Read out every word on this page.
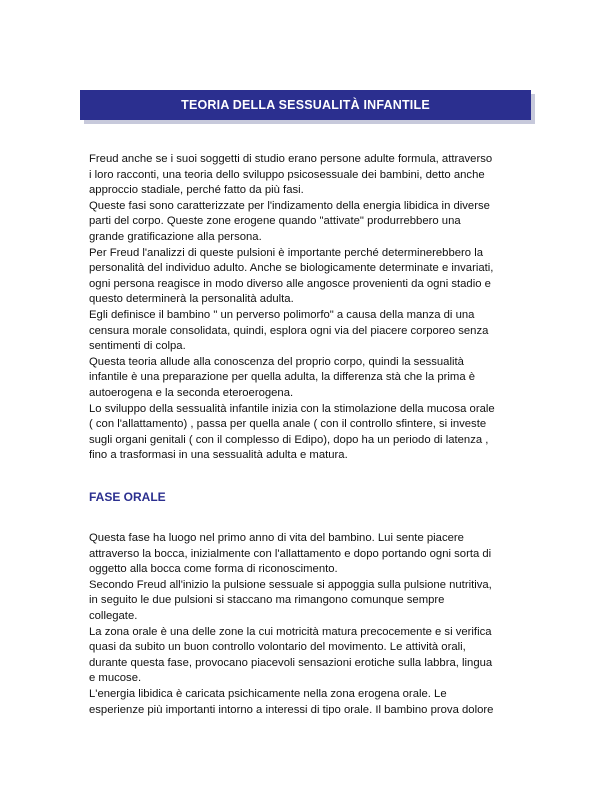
TEORIA DELLA SESSUALITÀ INFANTILE
Freud anche se i suoi soggetti di studio erano persone adulte formula, attraverso
i loro racconti, una teoria dello sviluppo psicosessuale dei bambini, detto anche
approccio stadiale, perché fatto da più fasi.
Queste fasi sono caratterizzate per l'indizamento della energia libidica in diverse
parti del corpo. Queste zone erogene quando "attivate" produrrebbero una
grande gratificazione alla persona.
Per Freud l'analizzi di queste pulsioni è importante perché determinerebbero la
personalità del individuo adulto. Anche se biologicamente determinate e invariati,
ogni persona reagisce in modo diverso alle angosce provenienti da ogni stadio e
questo determinerà la personalità adulta.
Egli definisce il bambino " un perverso polimorfo" a causa della manza di una
censura morale consolidata, quindi, esplora ogni via del piacere corporeo senza
sentimenti di colpa.
Questa teoria allude alla conoscenza del proprio corpo, quindi la sessualità
infantile è una preparazione per quella adulta, la differenza stà che la prima è
autoerogena e la seconda eteroerogena.
Lo sviluppo della sessualità infantile inizia con la stimolazione della mucosa orale
( con l'allattamento) , passa per quella anale ( con il controllo sfintere, si investe
sugli organi genitali ( con il complesso di Edipo), dopo ha un periodo di latenza ,
fino a trasformasi in una sessualità adulta e matura.
FASE ORALE
Questa fase ha luogo nel primo anno di vita del bambino. Lui sente piacere
attraverso la bocca, inizialmente con l'allattamento e dopo portando ogni sorta di
oggetto alla bocca come forma di riconoscimento.
Secondo Freud all'inizio la pulsione sessuale si appoggia sulla pulsione nutritiva,
in seguito le due pulsioni si staccano ma rimangono comunque sempre
collegate.
La zona orale è una delle zone la cui motricità matura precocemente e si verifica
quasi da subito un buon controllo volontario del movimento. Le attività orali,
durante questa fase, provocano piacevoli sensazioni erotiche sulla labbra, lingua
e mucose.
L'energia libidica è caricata psichicamente nella zona erogena orale. Le
esperienze più importanti intorno a interessi di tipo orale. Il bambino prova dolore
